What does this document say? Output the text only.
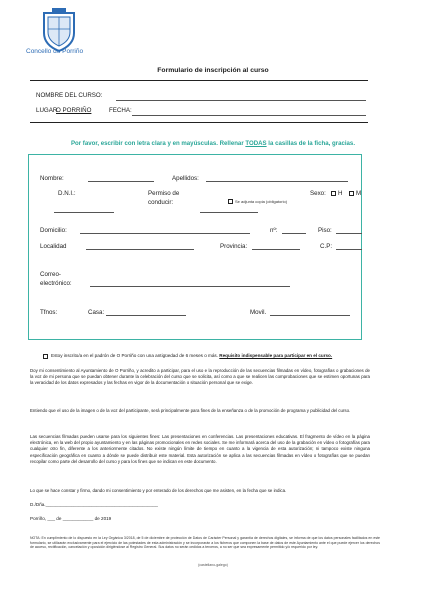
Concello do Porriño
Formulario de inscripción al curso
NOMBRE DEL CURSO:
LUGAR
O PORRIÑO	FECHA:
Por favor, escribir con letra clara y en mayúsculas. Rellenar TODAS la casillas de la ficha, gracias.
Nombre:	Apellidos:
D.N.I.:	Permiso de
conducir:	Se adjunta copia (obligatorio)
Sexo: H M
Domicilio:	nº:	Piso:
Localidad	Provincia:	C.P:
Correo-
electrónico:
Tfnos:	Casa:	Movil.
Estoy inscrito/a en el padrón de O Porriño con una antigüedad de 6 meses o más. Requisito indispensable para participar en el curso.
Doy mi consentimiento al Ayuntamiento de O Porriño, y acredito a participar, para el uso e la reproducción de las secuencias filmadas en vídeo, fotografías o grabaciones de la voz de mi persona que se puedan obtener durante la celebración del curso que se solicita, así como a que se realicen las comprobaciones que se estimen oportunas para la veracidad de los datos expresados y las fechas en vigor de la documentación o situación personal que se exige.
Entiendo que el uso de la imagen o de la voz del participante, será principalmente para fines de la enseñanza o de la promoción de programa y publicidad del curso.
Las secuencias filmadas pueden usarse para los siguientes fines: Las presentaciones en conferencias. Las presentaciones educativas. El fragmento de vídeo en la página electrónica, en la web del propio ayuntamiento y en las páginas promocionales en redes sociales. Se me informará acerca del uso de la grabación en vídeo o fotografías para cualquier otro fin, diferente a los anteriormente citados. No existe ningún límite de tiempo en cuanto a la vigencia de esta autorización; ni tampoco existe ninguna especificación geográfica en cuanto a dónde se puede distribuir este material. Esta autorización se aplica a las secuencias filmadas en vídeo o fotografías que se puedan recopilar como parte del desarrollo del curso y para los fines que se indican en este documento.
Lo que se hace constar y firmo, dando mi consentimiento y por enterado de los derechos que me asisten, en la fecha que se indica.
D./Dña.____________________________________________
Porriño, ___ de ____________ de 2019
NOTA: En cumplimiento de lo dispuesto en la Ley Orgánica 3/2018, de 5 de diciembre de protección de Datos de Carácter Personal y garantía de derechos digitales, se informa de que los datos personales facilitados en este formulario, se utilizarán exclusivamente para el ejercicio de las potestades de esta administración y se incorporarán a los ficheros que componen la base de datos de este Ayuntamiento ante el que puede ejercer los derechos de acceso, rectificación, cancelación y oposición dirigiéndose al Registro General. Sus datos no serán cedidos a terceros, a no ser que sea expresamente permitido y/o requerido por ley.
(castellano-galego)
